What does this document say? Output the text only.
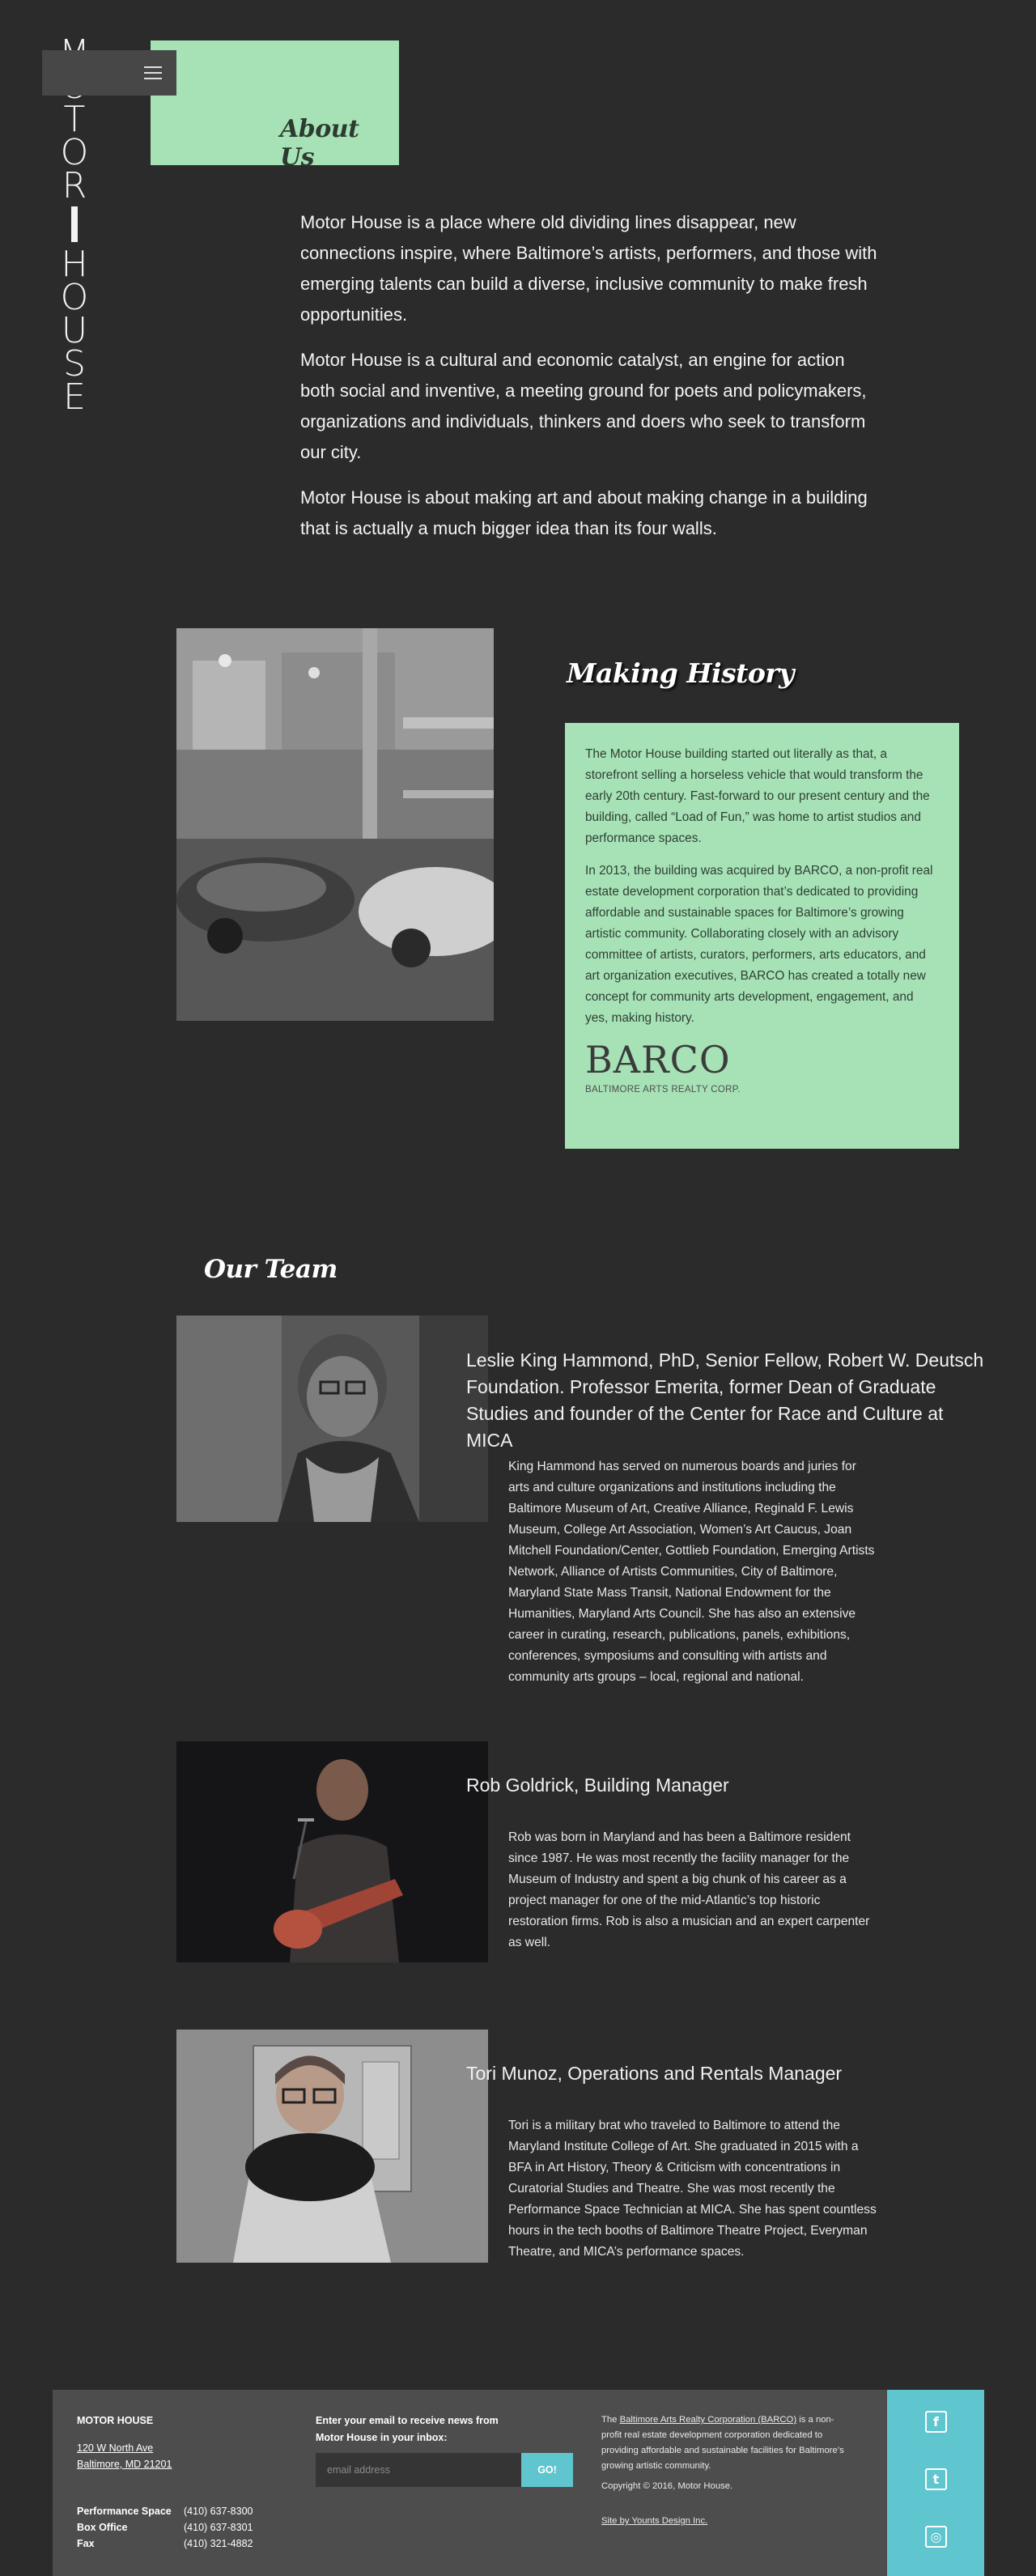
T
O
R
H
O
U
S
E
About Us

Motor House is a place where old dividing lines disappear, new connections inspire, where Baltimore’s artists, performers, and those with emerging talents can build a diverse, inclusive community to make fresh opportunities.

Motor House is a cultural and economic catalyst, an engine for action both social and inventive, a meeting ground for poets and policymakers, organizations and individuals, thinkers and doers who seek to transform our city.

Motor House is about making art and about making change in a building that is actually a much bigger idea than its four walls.

Making History

The Motor House building started out literally as that, a storefront selling a horseless vehicle that would transform the early 20th century. Fast-forward to our present century and the building, called “Load of Fun,” was home to artist studios and performance spaces.

In 2013, the building was acquired by BARCO, a non-profit real estate development corporation that’s dedicated to providing affordable and sustainable spaces for Baltimore’s growing artistic community. Collaborating closely with an advisory committee of artists, curators, performers, arts educators, and art organization executives, BARCO has created a totally new concept for community arts development, engagement, and yes, making history.

BARCO
BALTIMORE ARTS REALTY CORP.
Our Team
Leslie King Hammond, PhD, Senior Fellow, Robert W. Deutsch Foundation. Professor Emerita, former Dean of Graduate Studies and founder of the Center for Race and Culture at MICA
King Hammond has served on numerous boards and juries for arts and culture organizations and institutions including the Baltimore Museum of Art, Creative Alliance, Reginald F. Lewis Museum, College Art Association, Women’s Art Caucus, Joan Mitchell Foundation/Center, Gottlieb Foundation, Emerging Artists Network, Alliance of Artists Communities, City of Baltimore, Maryland State Mass Transit, National Endowment for the Humanities, Maryland Arts Council. She has also an extensive career in curating, research, publications, panels, exhibitions, conferences, symposiums and consulting with artists and community arts groups – local, regional and national.
Rob Goldrick, Building Manager
Rob was born in Maryland and has been a Baltimore resident since 1987. He was most recently the facility manager for the Museum of Industry and spent a big chunk of his career as a project manager for one of the mid-Atlantic’s top historic restoration firms. Rob is also a musician and an expert carpenter as well.
Tori Munoz, Operations and Rentals Manager
Tori is a military brat who traveled to Baltimore to attend the Maryland Institute College of Art. She graduated in 2015 with a BFA in Art History, Theory & Criticism with concentrations in Curatorial Studies and Theatre. She was most recently the Performance Space Technician at MICA. She has spent countless hours in the tech booths of Baltimore Theatre Project, Everyman Theatre, and MICA’s performance spaces.
MOTOR HOUSE
120 W North Ave
Baltimore, MD 21201
Performance Space	(410) 637-8300
Box Office	(410) 637-8301
Fax	(410) 321-4882
Enter your email to receive news from Motor House in your inbox:
email address
GO!
The Baltimore Arts Realty Corporation (BARCO) is a non-profit real estate development corporation dedicated to providing affordable and sustainable facilities for Baltimore’s growing artistic community.
Copyright © 2016, Motor House.
Site by Younts Design Inc.
f
t
◎
